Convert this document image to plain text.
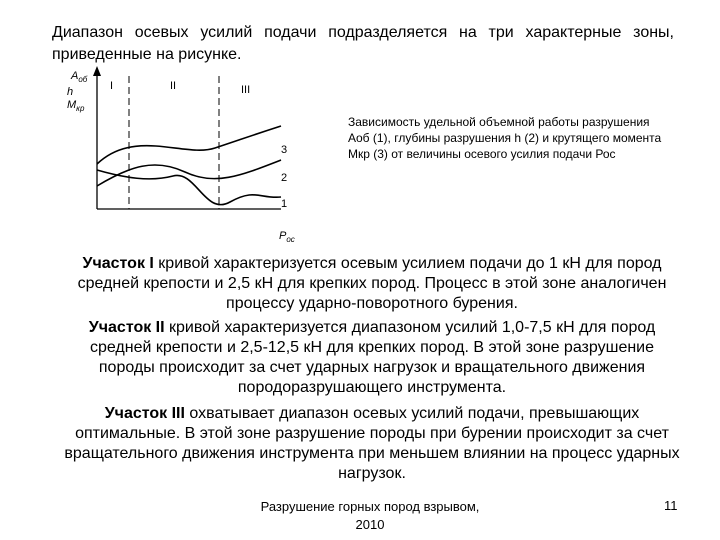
Диапазон осевых усилий подачи подразделяется на три характерные зоны, приведенные на рисунке.

$А_{об}$
h
$М_{кр}$
I	II	III
3
2
1
$Р_{ос}$

Зависимость удельной объемной работы разрушения Аоб (1), глубины разрушения h (2) и крутящего момента Мкр (3) от величины осевого усилия подачи Рос

Участок I кривой характеризуется осевым усилием подачи до 1 кН для пород средней крепости и 2,5 кН для крепких пород. Процесс в этой зоне аналогичен процессу ударно-поворотного бурения.

Участок II кривой характеризуется диапазоном усилий 1,0-7,5 кН для пород средней крепости и 2,5-12,5 кН для крепких пород. В этой зоне разрушение породы происходит за счет ударных нагрузок и вращательного движения породоразрушающего инструмента.

Участок III охватывает диапазон осевых усилий подачи, превышающих оптимальные. В этой зоне разрушение породы при бурении происходит за счет вращательного движения инструмента при меньшем влиянии на процесс ударных нагрузок.

Разрушение горных пород взрывом, 2010
11
